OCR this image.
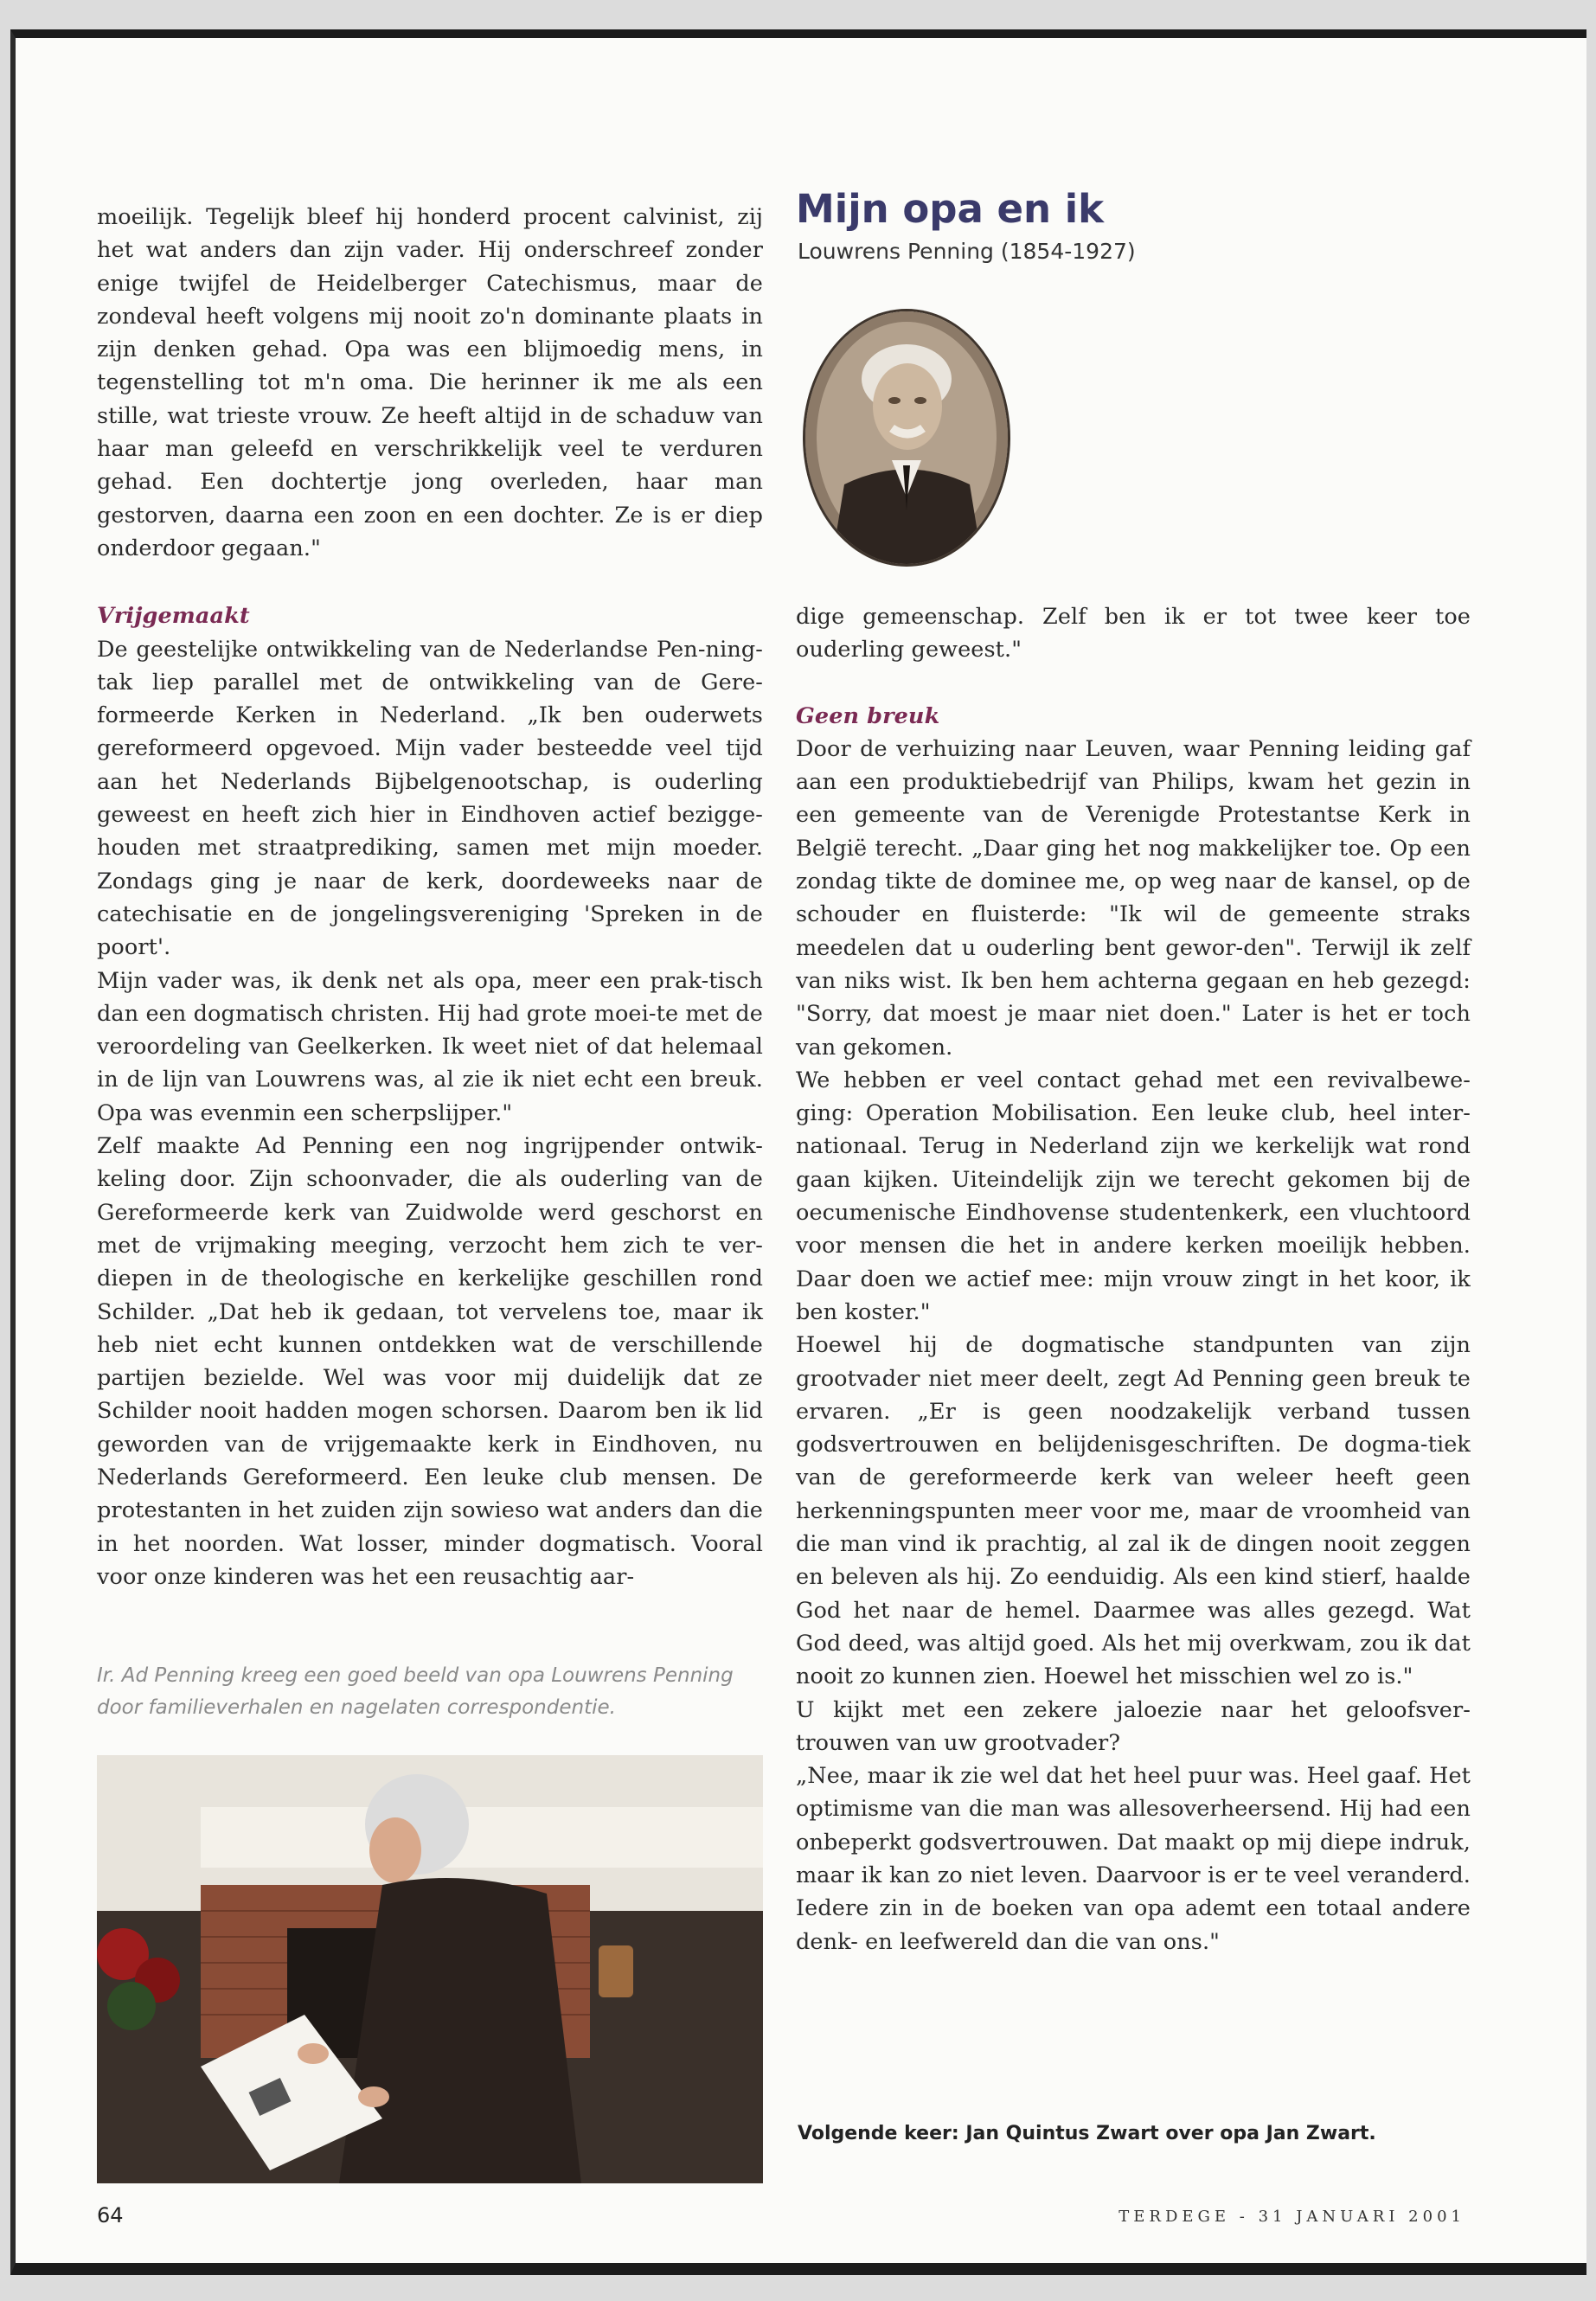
Mijn opa en ik
Louwrens Penning (1854-1927)

moeilijk. Tegelijk bleef hij honderd procent calvinist, zij het wat anders dan zijn vader. Hij onderschreef zonder enige twijfel de Heidelberger Catechismus, maar de zondeval heeft volgens mij nooit zo'n dominante plaats in zijn denken gehad. Opa was een blijmoedig mens, in tegenstelling tot m'n oma. Die herinner ik me als een stille, wat trieste vrouw. Ze heeft altijd in de schaduw van haar man geleefd en verschrikkelijk veel te verduren gehad. Een dochtertje jong overleden, haar man gestorven, daarna een zoon en een dochter. Ze is er diep onderdoor gegaan."

Vrijgemaakt

De geestelijke ontwikkeling van de Nederlandse Pen-ning-tak liep parallel met de ontwikkeling van de Gere-formeerde Kerken in Nederland. „Ik ben ouderwets gereformeerd opgevoed. Mijn vader besteedde veel tijd aan het Nederlands Bijbelgenootschap, is ouderling geweest en heeft zich hier in Eindhoven actief bezigge-houden met straatprediking, samen met mijn moeder. Zondags ging je naar de kerk, doordeweeks naar de catechisatie en de jongelingsvereniging 'Spreken in de poort'.

Mijn vader was, ik denk net als opa, meer een prak-tisch dan een dogmatisch christen. Hij had grote moei-te met de veroordeling van Geelkerken. Ik weet niet of dat helemaal in de lijn van Louwrens was, al zie ik niet echt een breuk. Opa was evenmin een scherpslijper."

Zelf maakte Ad Penning een nog ingrijpender ontwik-keling door. Zijn schoonvader, die als ouderling van de Gereformeerde kerk van Zuidwolde werd geschorst en met de vrijmaking meeging, verzocht hem zich te ver-diepen in de theologische en kerkelijke geschillen rond Schilder. „Dat heb ik gedaan, tot vervelens toe, maar ik heb niet echt kunnen ontdekken wat de verschillende partijen bezielde. Wel was voor mij duidelijk dat ze Schilder nooit hadden mogen schorsen. Daarom ben ik lid geworden van de vrijgemaakte kerk in Eindhoven, nu Nederlands Gereformeerd. Een leuke club mensen. De protestanten in het zuiden zijn sowieso wat anders dan die in het noorden. Wat losser, minder dogmatisch. Vooral voor onze kinderen was het een reusachtig aar-

Ir. Ad Penning kreeg een goed beeld van opa Louwrens Penning door familieverhalen en nagelaten correspondentie.

dige gemeenschap. Zelf ben ik er tot twee keer toe ouderling geweest."

Geen breuk

Door de verhuizing naar Leuven, waar Penning leiding gaf aan een produktiebedrijf van Philips, kwam het gezin in een gemeente van de Verenigde Protestantse Kerk in België terecht. „Daar ging het nog makkelijker toe. Op een zondag tikte de dominee me, op weg naar de kansel, op de schouder en fluisterde: "Ik wil de gemeente straks meedelen dat u ouderling bent gewor-den". Terwijl ik zelf van niks wist. Ik ben hem achterna gegaan en heb gezegd: "Sorry, dat moest je maar niet doen." Later is het er toch van gekomen.

We hebben er veel contact gehad met een revivalbewe-ging: Operation Mobilisation. Een leuke club, heel inter-nationaal. Terug in Nederland zijn we kerkelijk wat rond gaan kijken. Uiteindelijk zijn we terecht gekomen bij de oecumenische Eindhovense studentenkerk, een vluchtoord voor mensen die het in andere kerken moeilijk hebben. Daar doen we actief mee: mijn vrouw zingt in het koor, ik ben koster."

Hoewel hij de dogmatische standpunten van zijn grootvader niet meer deelt, zegt Ad Penning geen breuk te ervaren. „Er is geen noodzakelijk verband tussen godsvertrouwen en belijdenisgeschriften. De dogma-tiek van de gereformeerde kerk van weleer heeft geen herkenningspunten meer voor me, maar de vroomheid van die man vind ik prachtig, al zal ik de dingen nooit zeggen en beleven als hij. Zo eenduidig. Als een kind stierf, haalde God het naar de hemel. Daarmee was alles gezegd. Wat God deed, was altijd goed. Als het mij overkwam, zou ik dat nooit zo kunnen zien. Hoewel het misschien wel zo is."

U kijkt met een zekere jaloezie naar het geloofsver-trouwen van uw grootvader?

„Nee, maar ik zie wel dat het heel puur was. Heel gaaf. Het optimisme van die man was allesoverheersend. Hij had een onbeperkt godsvertrouwen. Dat maakt op mij diepe indruk, maar ik kan zo niet leven. Daarvoor is er te veel veranderd. Iedere zin in de boeken van opa ademt een totaal andere denk- en leefwereld dan die van ons."

Volgende keer: Jan Quintus Zwart over opa Jan Zwart.
64	TERDEGE - 31 JANUARI 2001
